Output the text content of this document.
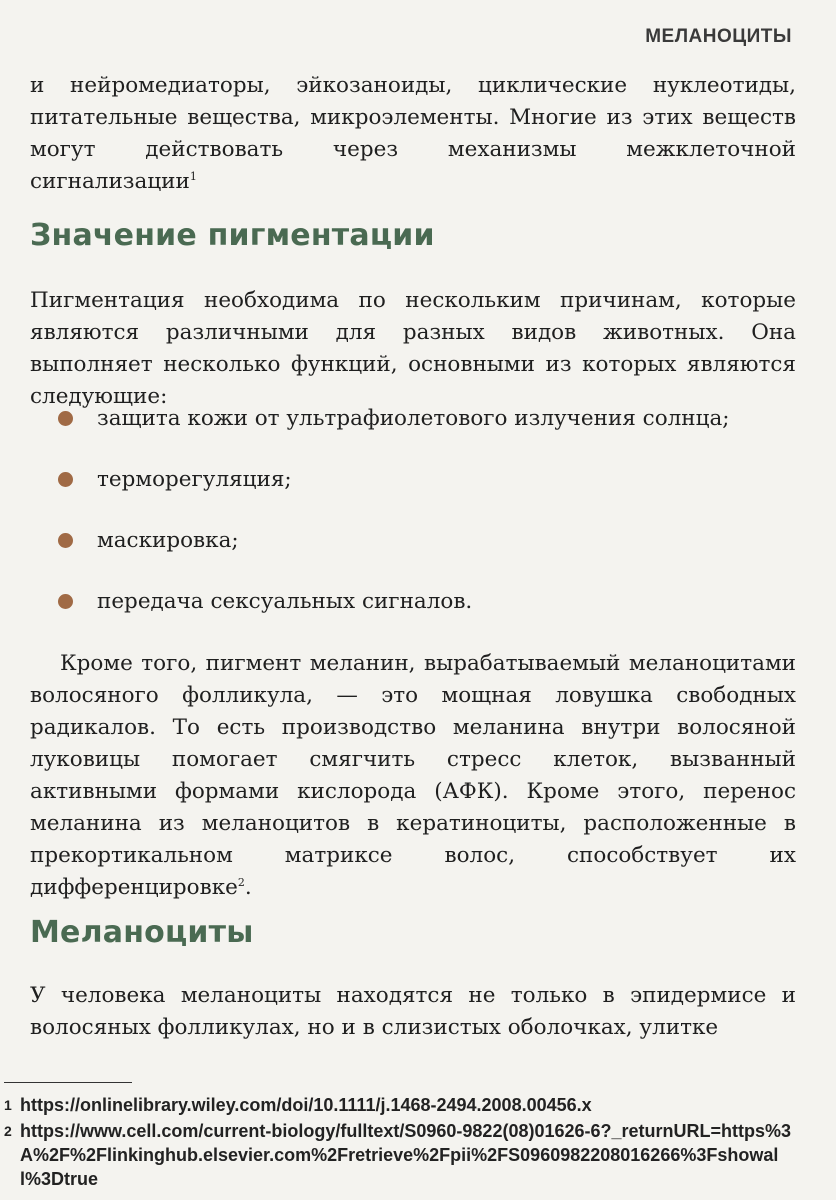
МЕЛАНОЦИТЫ

и нейромедиаторы, эйкозаноиды, циклические нуклеотиды, питательные вещества, микроэлементы. Многие из этих веществ могут действовать через механизмы межклеточной сигнализации$^1$

Значение пигментации

Пигментация необходима по нескольким причинам, которые являются различными для разных видов животных. Она выполняет несколько функций, основными из которых являются следующие:

защита кожи от ультрафиолетового излучения солнца;
терморегуляция;
маскировка;
передача сексуальных сигналов.

Кроме того, пигмент меланин, вырабатываемый меланоцитами волосяного фолликула, — это мощная ловушка свободных радикалов. То есть производство меланина внутри волосяной луковицы помогает смягчить стресс клеток, вызванный активными формами кислорода (АФК). Кроме этого, перенос меланина из меланоцитов в кератиноциты, расположенные в прекортикальном матриксе волос, способствует их дифференцировке$^2$.

Меланоциты

У человека меланоциты находятся не только в эпидермисе и волосяных фолликулах, но и в слизистых оболочках, улитке

1 https://onlinelibrary.wiley.com/doi/10.1111/j.1468-2494.2008.00456.x
2 https://www.cell.com/current-biology/fulltext/S0960-9822(08)01626-6?_returnURL=https%3A%2F%2Flinkinghub.elsevier.com%2Fretrieve%2Fpii%2FS0960982208016266%3Fshowall%3Dtrue
